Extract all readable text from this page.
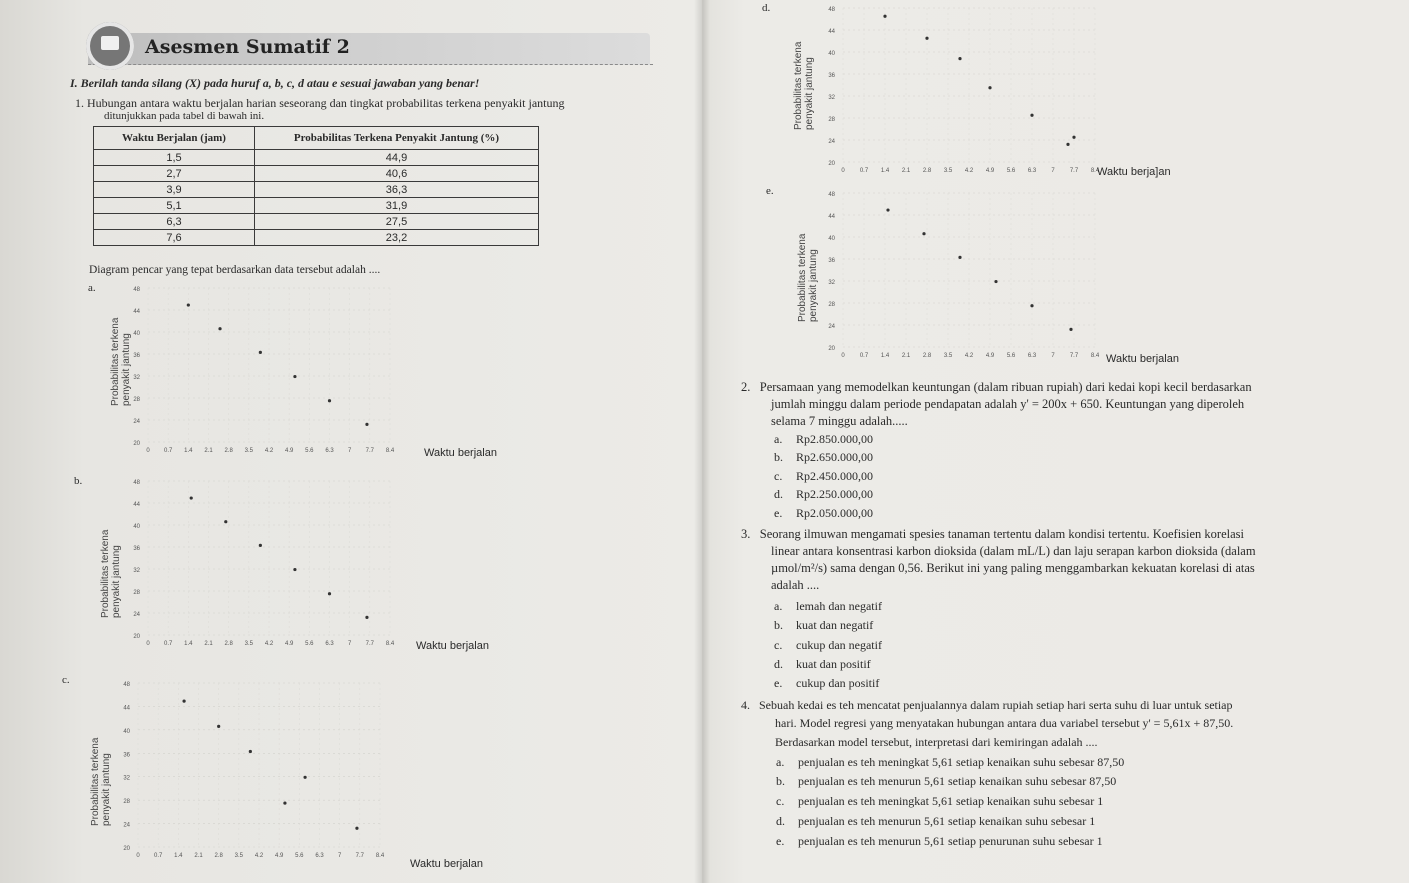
Asesmen Sumatif 2
I. Berilah tanda silang (X) pada huruf a, b, c, d atau e sesuai jawaban yang benar!
1. Hubungan antara waktu berjalan harian seseorang dan tingkat probabilitas terkena penyakit jantung
ditunjukkan pada tabel di bawah ini.
Waktu Berjalan (jam)	Probabilitas Terkena Penyakit Jantung (%)
1,5	44,9
2,7	40,6
3,9	36,3
5,1	31,9
6,3	27,5
7,6	23,2
Diagram pencar yang tepat berdasarkan data tersebut adalah ....
a.
b.
c.
d.
e.
20
24
28
32
36
40
44
48
0 0.7 1.4 2.1 2.8 3.5 4.2 4.9 5.6 6.3 7 7.7 8.4
20
24
28
32
36
40
44
48
0 0.7 1.4 2.1 2.8 3.5 4.2 4.9 5.6 6.3 7 7.7 8.4
20
24
28
32
36
40
44
48
0 0.7 1.4 2.1 2.8 3.5 4.2 4.9 5.6 6.3 7 7.7 8.4
20
24
28
32
36
40
44
48
0	0.7 1.4 2.1 2.8 3.5 4.2 4.9 5.6 6.3	7	7.7 8.4
20
24
28
32
36
40
44
48
0	0.7 1.4 2.1 2.8 3.5 4.2 4.9 5.6 6.3	7	7.7 8.4
Probabilitas terkena
penyakit jantung
Probabilitas terkena
penyakit jantung
Probabilitas terkena
penyakit jantung
Probabilitas terkena
penyakit jantung
Probabilitas terkena
penyakit jantung
Waktu berjalan
Waktu berjalan
Waktu berjalan
Waktu berja]an
Waktu berjalan
2. Persamaan yang memodelkan keuntungan (dalam ribuan rupiah) dari kedai kopi kecil berdasarkan
jumlah minggu dalam periode pendapatan adalah y' = 200x + 650. Keuntungan yang diperoleh
selama 7 minggu adalah.....
a. Rp2.850.000,00
b. Rp2.650.000,00
c. Rp2.450.000,00
d. Rp2.250.000,00
e. Rp2.050.000,00
3. Seorang ilmuwan mengamati spesies tanaman tertentu dalam kondisi tertentu. Koefisien korelasi
linear antara konsentrasi karbon dioksida (dalam mL/L) dan laju serapan karbon dioksida (dalam
µmol/m²/s) sama dengan 0,56. Berikut ini yang paling menggambarkan kekuatan korelasi di atas
adalah ....
a. lemah dan negatif
b. kuat dan negatif
c. cukup dan negatif
d. kuat dan positif
e. cukup dan positif
4. Sebuah kedai es teh mencatat penjualannya dalam rupiah setiap hari serta suhu di luar untuk setiap
hari. Model regresi yang menyatakan hubungan antara dua variabel tersebut y' = 5,61x + 87,50.
Berdasarkan model tersebut, interpretasi dari kemiringan adalah ....
a. penjualan es teh meningkat 5,61 setiap kenaikan suhu sebesar 87,50
b. penjualan es teh menurun 5,61 setiap kenaikan suhu sebesar 87,50
c. penjualan es teh meningkat 5,61 setiap kenaikan suhu sebesar 1
d. penjualan es teh menurun 5,61 setiap kenaikan suhu sebesar 1
e. penjualan es teh menurun 5,61 setiap penurunan suhu sebesar 1
